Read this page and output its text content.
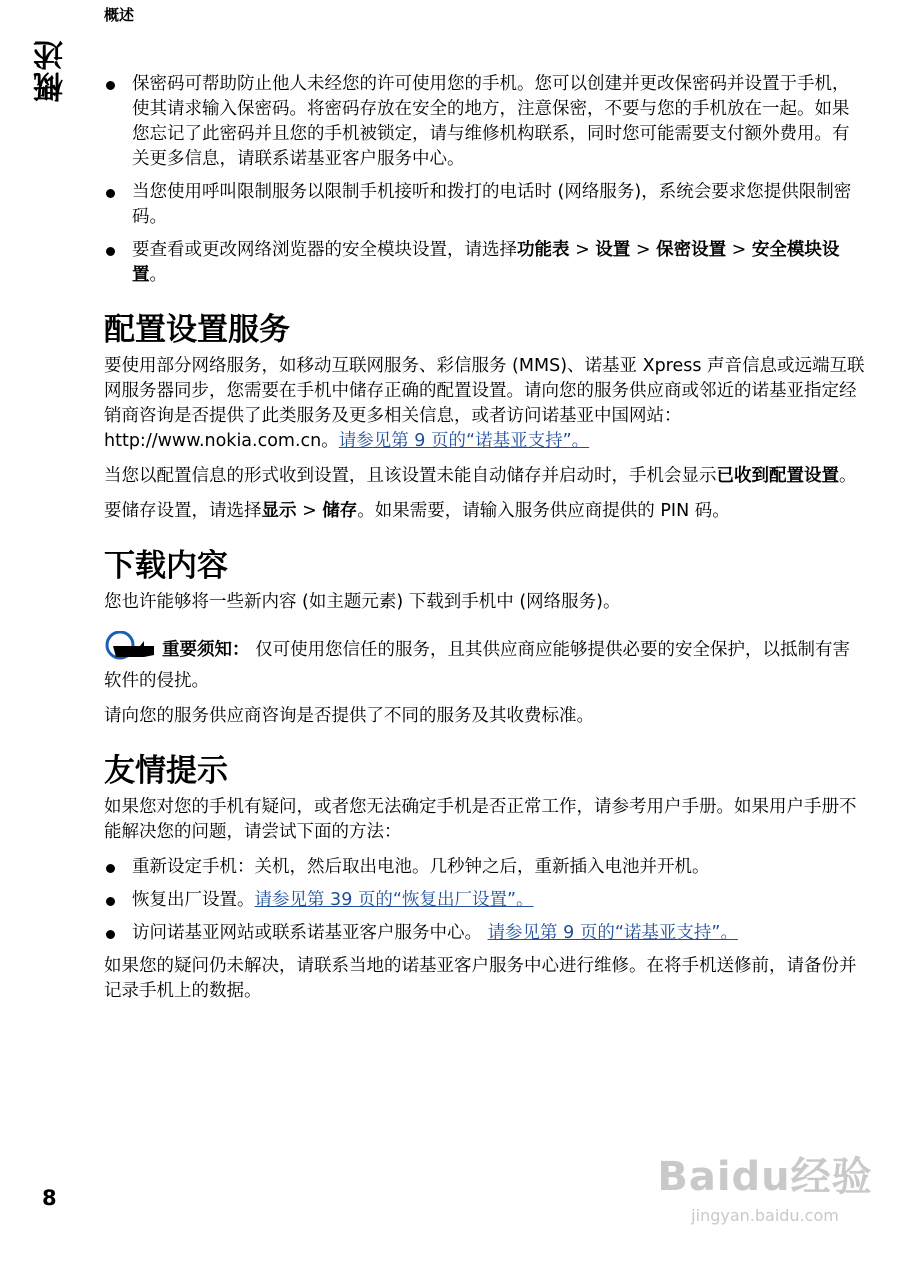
概述
概述	保密码可帮助防止他人未经您的许可使用您的手机。您可以创建并更改保密码并设置于手机，使其请求输入保密码。将密码存放在安全的地方，注意保密，不要与您的手机放在一起。如果您忘记了此密码并且您的手机被锁定，请与维修机构联系，同时您可能需要支付额外费用。有关更多信息，请联系诺基亚客户服务中心。
当您使用呼叫限制服务以限制手机接听和拨打的电话时 (网络服务)，系统会要求您提供限制密码。
要查看或更改网络浏览器的安全模块设置，请选择功能表 > 设置 > 保密设置 > 安全模块设置。
配置设置服务

要使用部分网络服务，如移动互联网服务、彩信服务 (MMS)、诺基亚 Xpress 声音信息或远端互联网服务器同步，您需要在手机中储存正确的配置设置。请向您的服务供应商或邻近的诺基亚指定经销商咨询是否提供了此类服务及更多相关信息，或者访问诺基亚中国网站：http://www.nokia.com.cn。请参见第 9 页的“诺基亚支持”。

当您以配置信息的形式收到设置，且该设置未能自动储存并启动时，手机会显示已收到配置设置。

要储存设置，请选择显示 > 储存。如果需要，请输入服务供应商提供的 PIN 码。

下载内容

您也许能够将一些新内容 (如主题元素) 下载到手机中 (网络服务)。

重要须知： 仅可使用您信任的服务，且其供应商应能够提供必要的安全保护，以抵制有害软件的侵扰。

请向您的服务供应商咨询是否提供了不同的服务及其收费标准。

友情提示

如果您对您的手机有疑问，或者您无法确定手机是否正常工作，请参考用户手册。如果用户手册不能解决您的问题，请尝试下面的方法：

重新设定手机：关机，然后取出电池。几秒钟之后，重新插入电池并开机。
恢复出厂设置。请参见第 39 页的“恢复出厂设置”。
访问诺基亚网站或联系诺基亚客户服务中心。 请参见第 9 页的“诺基亚支持”。

如果您的疑问仍未解决，请联系当地的诺基亚客户服务中心进行维修。在将手机送修前，请备份并记录手机上的数据。

8	Baidu经验
jingyan.baidu.com
